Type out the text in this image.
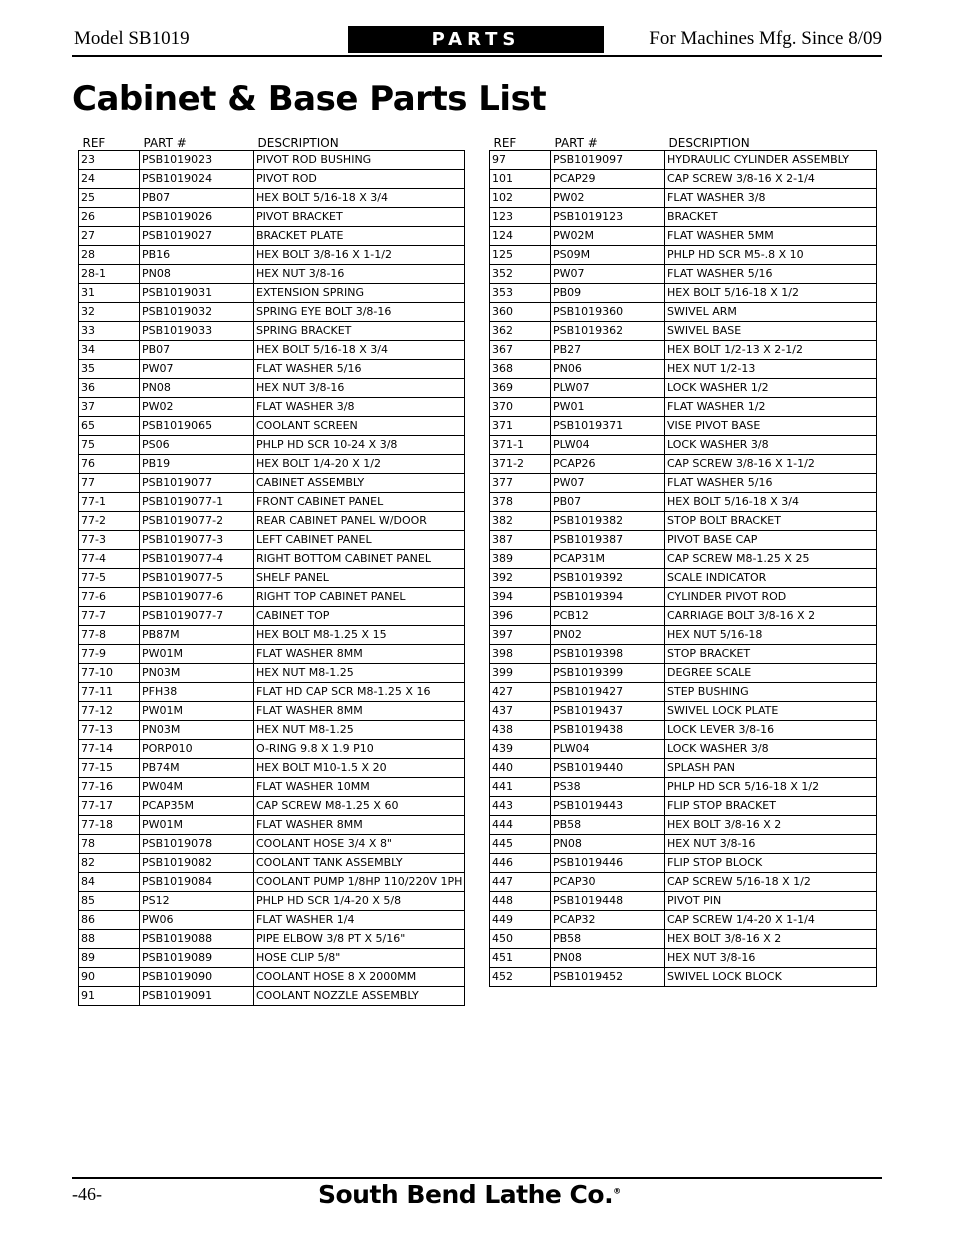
Model SB1019	PARTS	For Machines Mfg. Since 8/09
Cabinet & Base Parts List
REF	PART #	DESCRIPTION
23	PSB1019023	PIVOT ROD BUSHING
24	PSB1019024	PIVOT ROD
25	PB07	HEX BOLT 5/16-18 X 3/4
26	PSB1019026	PIVOT BRACKET
27	PSB1019027	BRACKET PLATE
28	PB16	HEX BOLT 3/8-16 X 1-1/2
28-1	PN08	HEX NUT 3/8-16
31	PSB1019031	EXTENSION SPRING
32	PSB1019032	SPRING EYE BOLT 3/8-16
33	PSB1019033	SPRING BRACKET
34	PB07	HEX BOLT 5/16-18 X 3/4
35	PW07	FLAT WASHER 5/16
36	PN08	HEX NUT 3/8-16
37	PW02	FLAT WASHER 3/8
65	PSB1019065	COOLANT SCREEN
75	PS06	PHLP HD SCR 10-24 X 3/8
76	PB19	HEX BOLT 1/4-20 X 1/2
77	PSB1019077	CABINET ASSEMBLY
77-1	PSB1019077-1	FRONT CABINET PANEL
77-2	PSB1019077-2	REAR CABINET PANEL W/DOOR
77-3	PSB1019077-3	LEFT CABINET PANEL
77-4	PSB1019077-4	RIGHT BOTTOM CABINET PANEL
77-5	PSB1019077-5	SHELF PANEL
77-6	PSB1019077-6	RIGHT TOP CABINET PANEL
77-7	PSB1019077-7	CABINET TOP
77-8	PB87M	HEX BOLT M8-1.25 X 15
77-9	PW01M	FLAT WASHER 8MM
77-10	PN03M	HEX NUT M8-1.25
77-11	PFH38	FLAT HD CAP SCR M8-1.25 X 16
77-12	PW01M	FLAT WASHER 8MM
77-13	PN03M	HEX NUT M8-1.25
77-14	PORP010	O-RING 9.8 X 1.9 P10
77-15	PB74M	HEX BOLT M10-1.5 X 20
77-16	PW04M	FLAT WASHER 10MM
77-17	PCAP35M	CAP SCREW M8-1.25 X 60
77-18	PW01M	FLAT WASHER 8MM
78	PSB1019078	COOLANT HOSE 3/4 X 8"
82	PSB1019082	COOLANT TANK ASSEMBLY
84	PSB1019084	COOLANT PUMP 1/8HP 110/220V 1PH
85	PS12	PHLP HD SCR 1/4-20 X 5/8
86	PW06	FLAT WASHER 1/4
88	PSB1019088	PIPE ELBOW 3/8 PT X 5/16"
89	PSB1019089	HOSE CLIP 5/8"
90	PSB1019090	COOLANT HOSE 8 X 2000MM
91	PSB1019091	COOLANT NOZZLE ASSEMBLY
REF	PART #	DESCRIPTION
97	PSB1019097	HYDRAULIC CYLINDER ASSEMBLY
101	PCAP29	CAP SCREW 3/8-16 X 2-1/4
102	PW02	FLAT WASHER 3/8
123	PSB1019123	BRACKET
124	PW02M	FLAT WASHER 5MM
125	PS09M	PHLP HD SCR M5-.8 X 10
352	PW07	FLAT WASHER 5/16
353	PB09	HEX BOLT 5/16-18 X 1/2
360	PSB1019360	SWIVEL ARM
362	PSB1019362	SWIVEL BASE
367	PB27	HEX BOLT 1/2-13 X 2-1/2
368	PN06	HEX NUT 1/2-13
369	PLW07	LOCK WASHER 1/2
370	PW01	FLAT WASHER 1/2
371	PSB1019371	VISE PIVOT BASE
371-1	PLW04	LOCK WASHER 3/8
371-2	PCAP26	CAP SCREW 3/8-16 X 1-1/2
377	PW07	FLAT WASHER 5/16
378	PB07	HEX BOLT 5/16-18 X 3/4
382	PSB1019382	STOP BOLT BRACKET
387	PSB1019387	PIVOT BASE CAP
389	PCAP31M	CAP SCREW M8-1.25 X 25
392	PSB1019392	SCALE INDICATOR
394	PSB1019394	CYLINDER PIVOT ROD
396	PCB12	CARRIAGE BOLT 3/8-16 X 2
397	PN02	HEX NUT 5/16-18
398	PSB1019398	STOP BRACKET
399	PSB1019399	DEGREE SCALE
427	PSB1019427	STEP BUSHING
437	PSB1019437	SWIVEL LOCK PLATE
438	PSB1019438	LOCK LEVER 3/8-16
439	PLW04	LOCK WASHER 3/8
440	PSB1019440	SPLASH PAN
441	PS38	PHLP HD SCR 5/16-18 X 1/2
443	PSB1019443	FLIP STOP BRACKET
444	PB58	HEX BOLT 3/8-16 X 2
445	PN08	HEX NUT 3/8-16
446	PSB1019446	FLIP STOP BLOCK
447	PCAP30	CAP SCREW 5/16-18 X 1/2
448	PSB1019448	PIVOT PIN
449	PCAP32	CAP SCREW 1/4-20 X 1-1/4
450	PB58	HEX BOLT 3/8-16 X 2
451	PN08	HEX NUT 3/8-16
452	PSB1019452	SWIVEL LOCK BLOCK
-46-	South Bend Lathe Co.®
